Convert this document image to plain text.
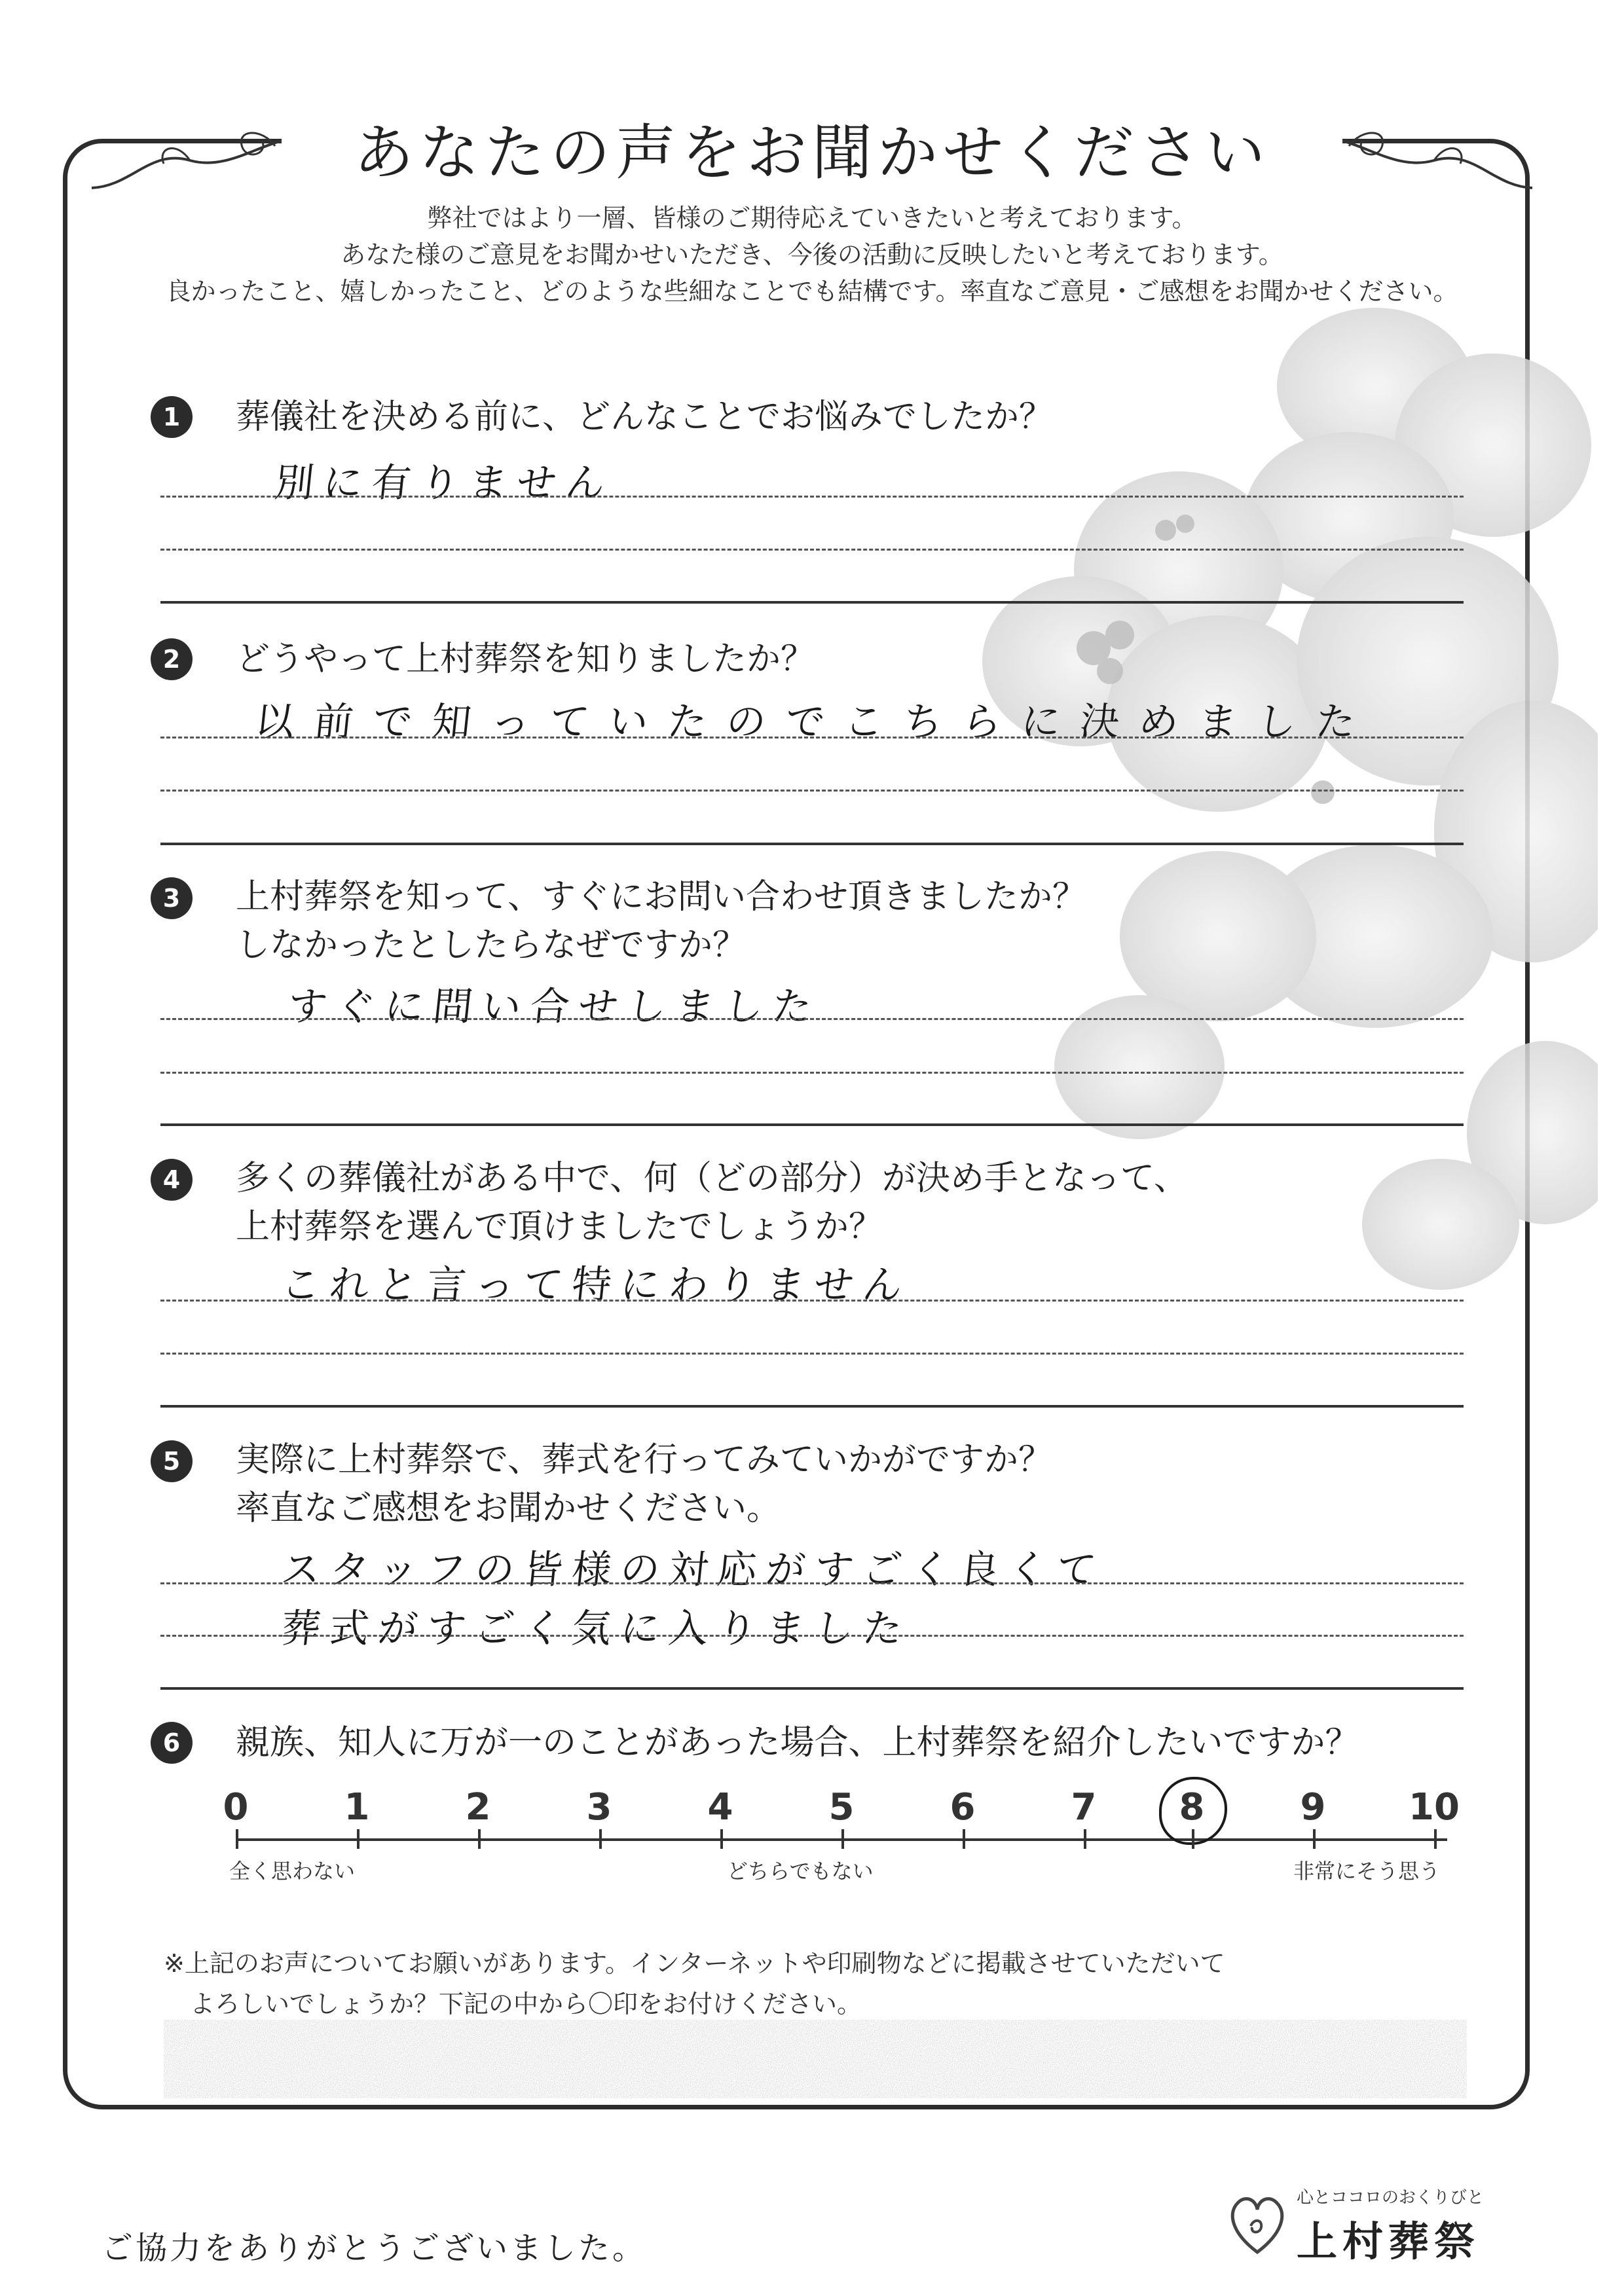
あなたの声をお聞かせください
弊社ではより一層、皆様のご期待応えていきたいと考えております。
あなた様のご意見をお聞かせいただき、今後の活動に反映したいと考えております。
良かったこと、嬉しかったこと、どのような些細なことでも結構です。率直なご意見・ご感想をお聞かせください。
1	葬儀社を決める前に、どんなことでお悩みでしたか？
別に有りません
2	どうやって上村葬祭を知りましたか？
以前で知っていたのでこちらに決めました
3	上村葬祭を知って、すぐにお問い合わせ頂きましたか？
しなかったとしたらなぜですか？
すぐに問い合せしました
4	多くの葬儀社がある中で、何（どの部分）が決め手となって、
上村葬祭を選んで頂けましたでしょうか？
これと言って特にわりません
5	実際に上村葬祭で、葬式を行ってみていかがですか？
率直なご感想をお聞かせください。
スタッフの皆様の対応がすごく良くて
葬式がすごく気に入りました
6	親族、知人に万が一のことがあった場合、上村葬祭を紹介したいですか？
0	1	2	3	4	5	6	7	8	9	10
全く思わない	どちらでもない	非常にそう思う
※上記のお声についてお願いがあります。インターネットや印刷物などに掲載させていただいて
よろしいでしょうか？下記の中から〇印をお付けください。
ご協力をありがとうございました。
心とココロのおくりびと
上村葬祭
